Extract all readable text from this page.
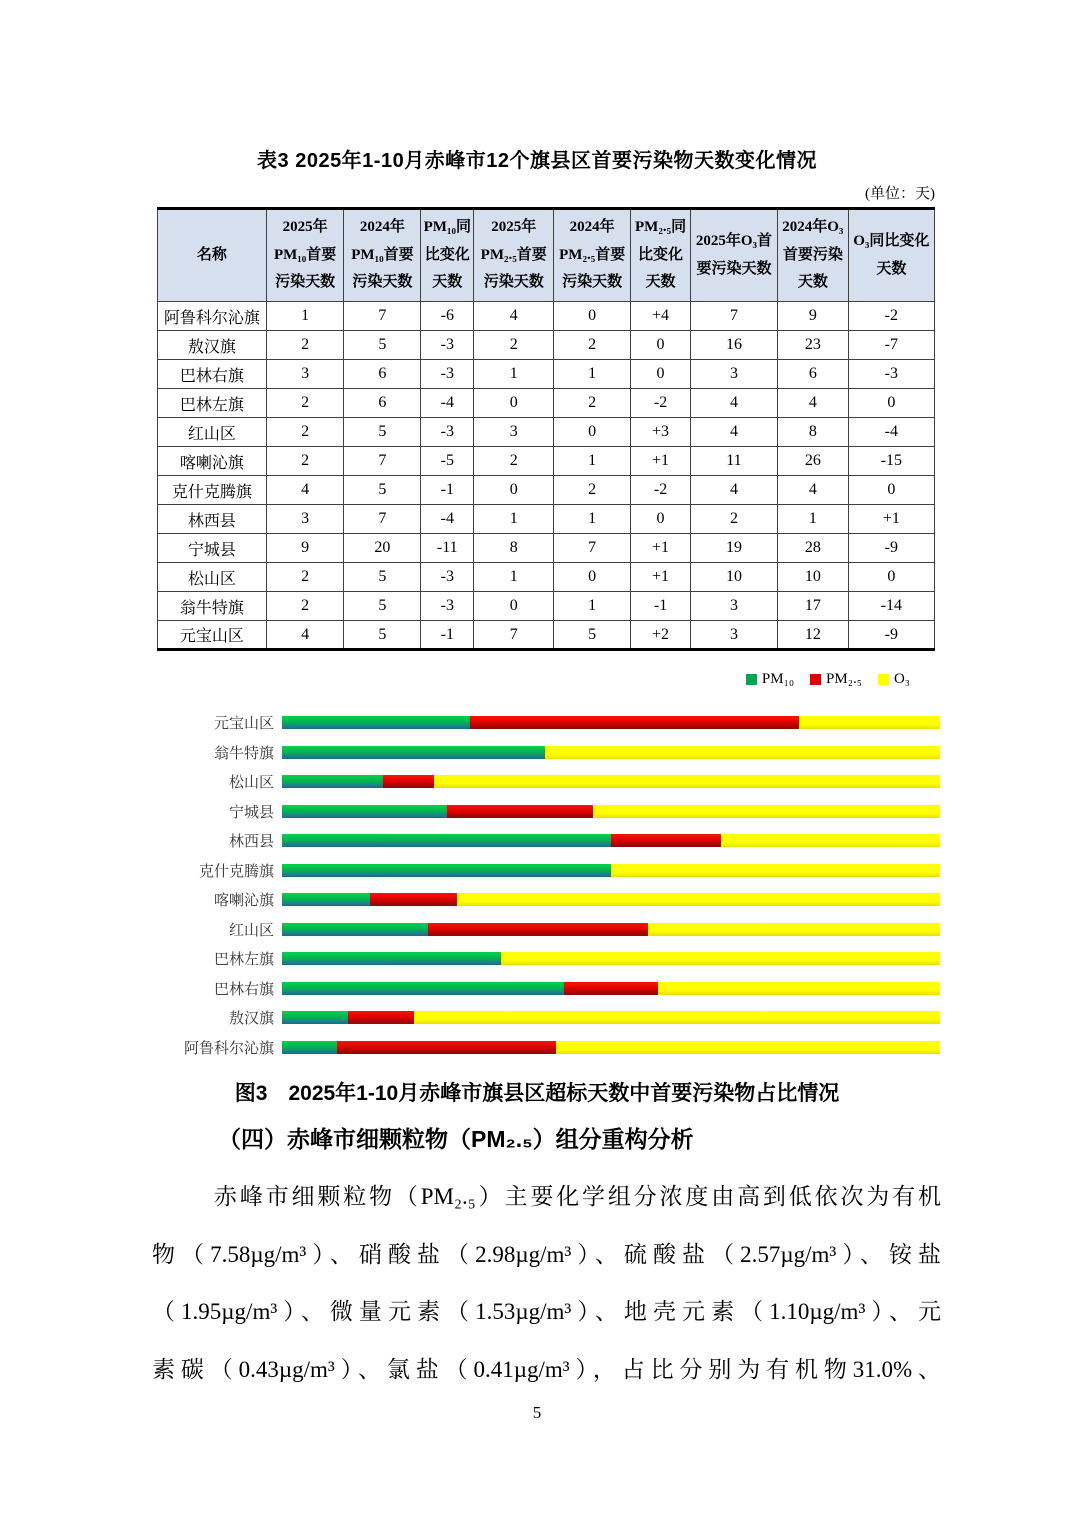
表3 2025年1-10月赤峰市12个旗县区首要污染物天数变化情况
(单位：天)
名称	2025年PM₁₀首要污染天数	2024年PM₁₀首要污染天数	PM₁₀同比变化天数	2025年PM₂.₅首要污染天数	2024年PM₂.₅首要污染天数	PM₂.₅同比变化天数	2025年O₃首要污染天数	2024年O₃首要污染天数	O₃同比变化天数
阿鲁科尔沁旗	1	7	-6	4	0	+4	7	9	-2
敖汉旗	2	5	-3	2	2	0	16	23	-7
巴林右旗	3	6	-3	1	1	0	3	6	-3
巴林左旗	2	6	-4	0	2	-2	4	4	0
红山区	2	5	-3	3	0	+3	4	8	-4
喀喇沁旗	2	7	-5	2	1	+1	11	26	-15
克什克腾旗	4	5	-1	0	2	-2	4	4	0
林西县	3	7	-4	1	1	0	2	1	+1
宁城县	9	20	-11	8	7	+1	19	28	-9
松山区	2	5	-3	1	0	+1	10	10	0
翁牛特旗	2	5	-3	0	1	-1	3	17	-14
元宝山区	4	5	-1	7	5	+2	3	12	-9
PM₁₀ PM₂.₅ O₃
元宝山区
翁牛特旗
松山区
宁城县
林西县
克什克腾旗
喀喇沁旗
红山区
巴林左旗
巴林右旗
敖汉旗
阿鲁科尔沁旗
图3　2025年1-10月赤峰市旗县区超标天数中首要污染物占比情况
（四）赤峰市细颗粒物（PM₂.₅）组分重构分析
赤峰市细颗粒物（PM₂.₅）主要化学组分浓度由高到低依次为有机
物（7.58µg/m³）、硝酸盐（2.98µg/m³）、硫酸盐（2.57µg/m³）、铵盐
（1.95µg/m³）、微量元素（1.53µg/m³）、地壳元素（1.10µg/m³）、元
素碳（0.43µg/m³）、氯盐（0.41µg/m³），占比分别为有机物31.0%、
5
